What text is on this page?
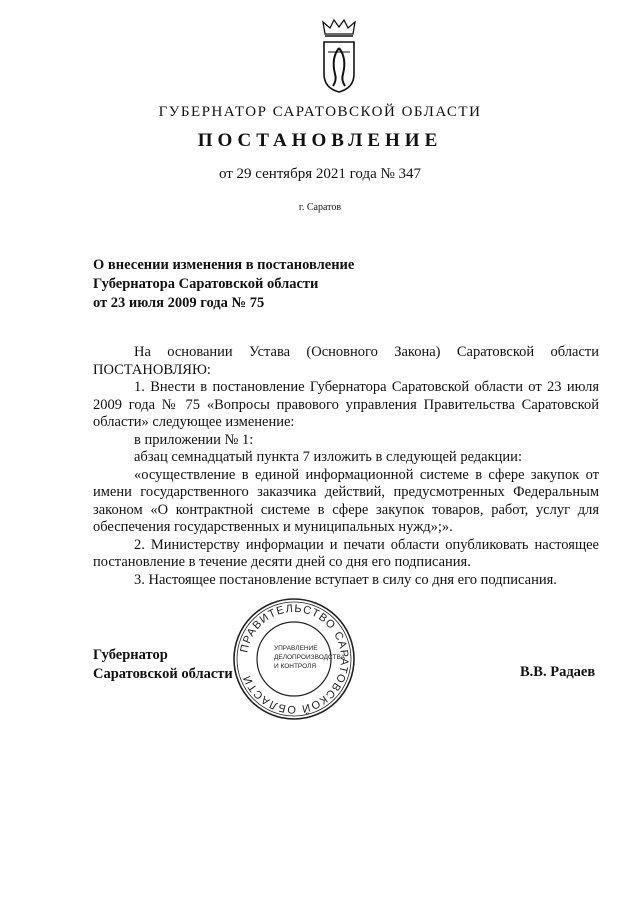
ГУБЕРНАТОР САРАТОВСКОЙ ОБЛАСТИ
ПОСТАНОВЛЕНИЕ
от 29 сентября 2021 года № 347
г. Саратов
О внесении изменения в постановление
Губернатора Саратовской области
от 23 июля 2009 года № 75

На основании Устава (Основного Закона) Саратовской области

ПОСТАНОВЛЯЮ:

1. Внести в постановление Губернатора Саратовской области от 23 июля 2009 года № 75 «Вопросы правового управления Правительства Саратовской области» следующее изменение:

в приложении № 1:

абзац семнадцатый пункта 7 изложить в следующей редакции:

«осуществление в единой информационной системе в сфере закупок от имени государственного заказчика действий, предусмотренных Федеральным законом «О контрактной системе в сфере закупок товаров, работ, услуг для обеспечения государственных и муниципальных нужд»;».

2. Министерству информации и печати области опубликовать настоящее постановление в течение десяти дней со дня его подписания.

3. Настоящее постановление вступает в силу со дня его подписания.

Губернатор
Саратовской области	В.В. Радаев
ПРАВИТЕЛЬСТВО САРАТОВСКОЙ ОБЛАСТИ
УПРАВЛЕНИЕ
ДЕЛОПРОИЗВОДСТВА
И КОНТРОЛЯ
